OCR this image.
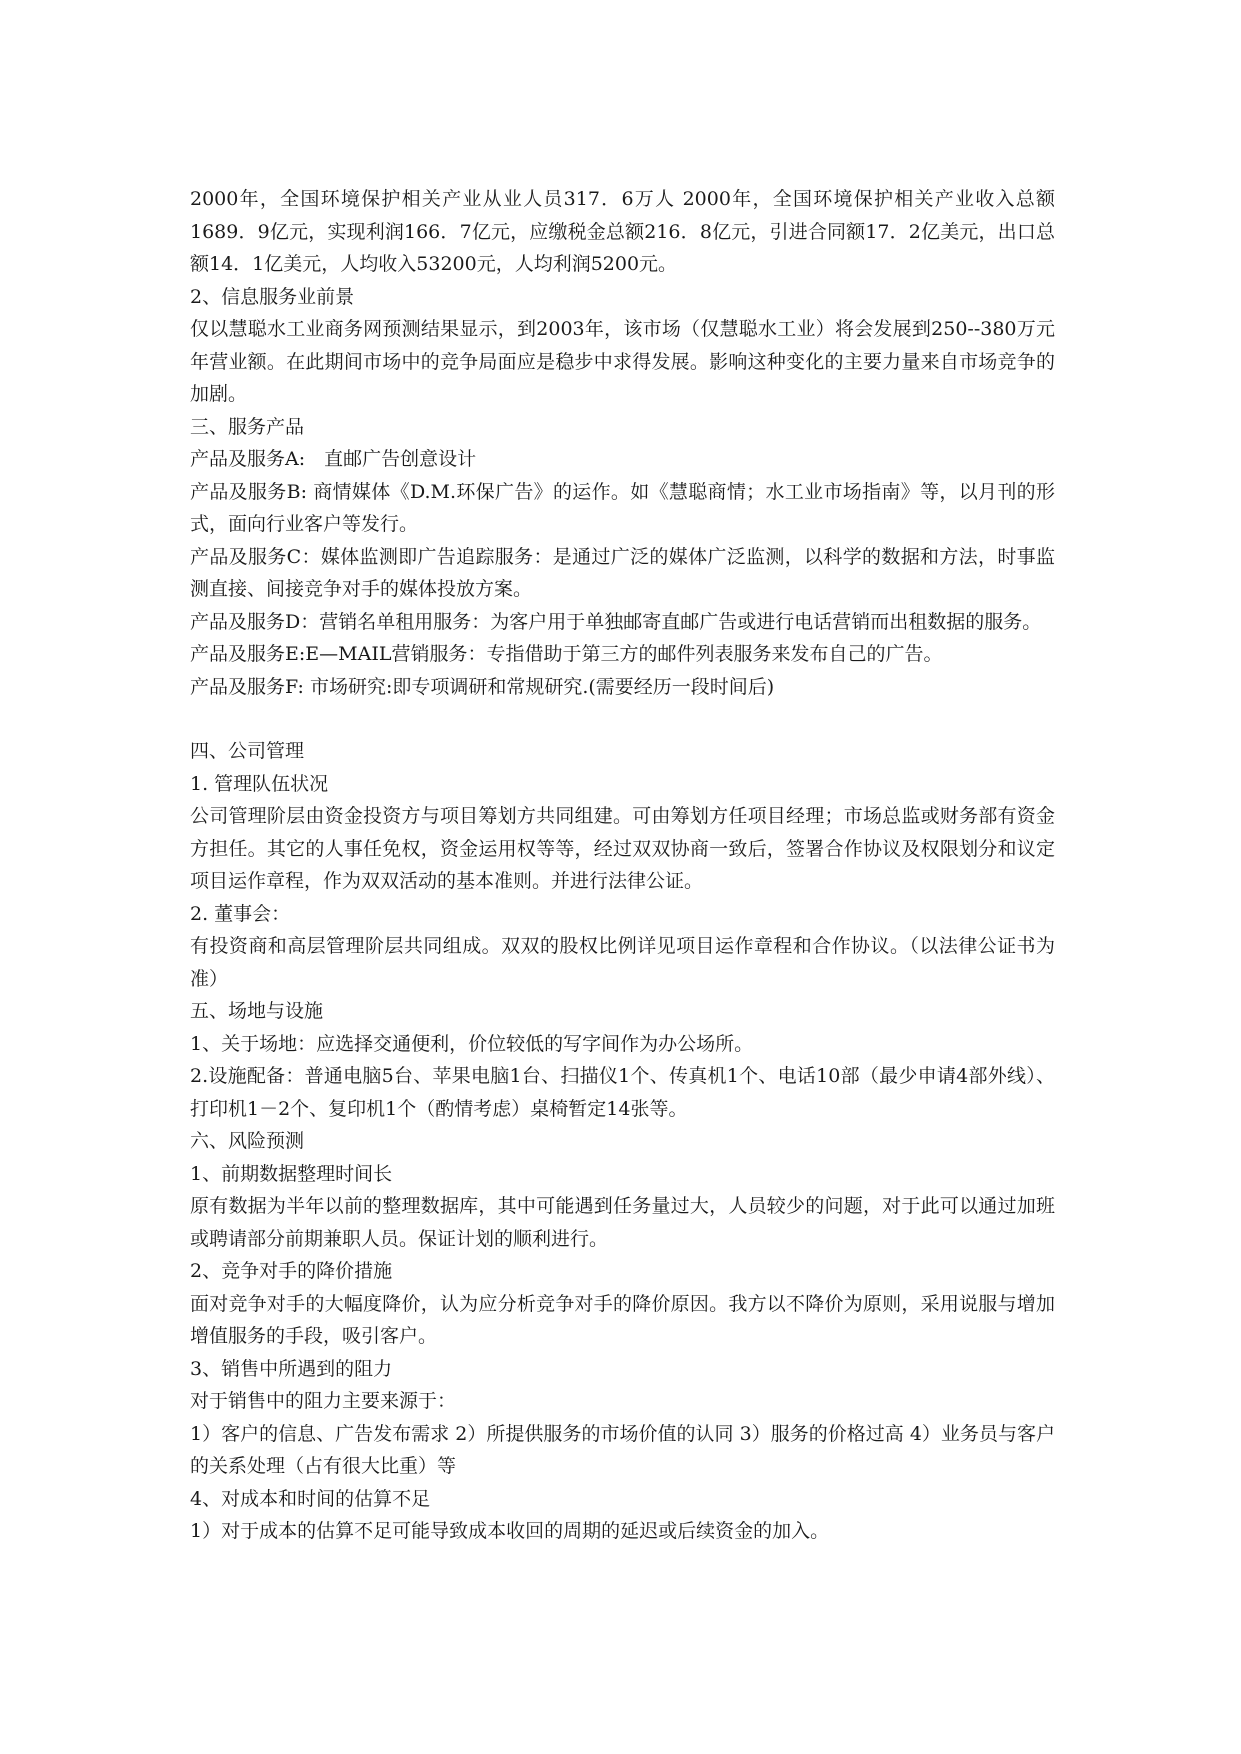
2000年，全国环境保护相关产业从业人员317．6万人 2000年，全国环境保护相关产业收入总额1689．9亿元，实现利润166．7亿元，应缴税金总额216．8亿元，引进合同额17．2亿美元，出口总额14．1亿美元，人均收入53200元，人均利润5200元。

2、信息服务业前景

仅以慧聪水工业商务网预测结果显示，到2003年，该市场（仅慧聪水工业）将会发展到250--380万元年营业额。在此期间市场中的竞争局面应是稳步中求得发展。影响这种变化的主要力量来自市场竞争的加剧。

三、服务产品

产品及服务A:　直邮广告创意设计

产品及服务B: 商情媒体《D.M.环保广告》的运作。如《慧聪商情；水工业市场指南》等，以月刊的形式，面向行业客户等发行。

产品及服务C：媒体监测即广告追踪服务：是通过广泛的媒体广泛监测，以科学的数据和方法，时事监测直接、间接竞争对手的媒体投放方案。

产品及服务D：营销名单租用服务：为客户用于单独邮寄直邮广告或进行电话营销而出租数据的服务。

产品及服务E:E—MAIL营销服务：专指借助于第三方的邮件列表服务来发布自己的广告。

产品及服务F: 市场研究:即专项调研和常规研究.(需要经历一段时间后)

四、公司管理

1. 管理队伍状况

公司管理阶层由资金投资方与项目筹划方共同组建。可由筹划方任项目经理；市场总监或财务部有资金方担任。其它的人事任免权，资金运用权等等，经过双双协商一致后，签署合作协议及权限划分和议定项目运作章程，作为双双活动的基本准则。并进行法律公证。

2. 董事会：

有投资商和高层管理阶层共同组成。双双的股权比例详见项目运作章程和合作协议。（以法律公证书为准）

五、场地与设施

1、关于场地：应选择交通便利，价位较低的写字间作为办公场所。

2.设施配备：普通电脑5台、苹果电脑1台、扫描仪1个、传真机1个、电话10部（最少申请4部外线）、打印机1－2个、复印机1个（酌情考虑）桌椅暂定14张等。

六、风险预测

1、前期数据整理时间长

原有数据为半年以前的整理数据库，其中可能遇到任务量过大，人员较少的问题，对于此可以通过加班或聘请部分前期兼职人员。保证计划的顺利进行。

2、竞争对手的降价措施

面对竞争对手的大幅度降价，认为应分析竞争对手的降价原因。我方以不降价为原则，采用说服与增加增值服务的手段，吸引客户。

3、销售中所遇到的阻力

对于销售中的阻力主要来源于：

1）客户的信息、广告发布需求 2）所提供服务的市场价值的认同 3）服务的价格过高 4）业务员与客户的关系处理（占有很大比重）等

4、对成本和时间的估算不足

1）对于成本的估算不足可能导致成本收回的周期的延迟或后续资金的加入。
